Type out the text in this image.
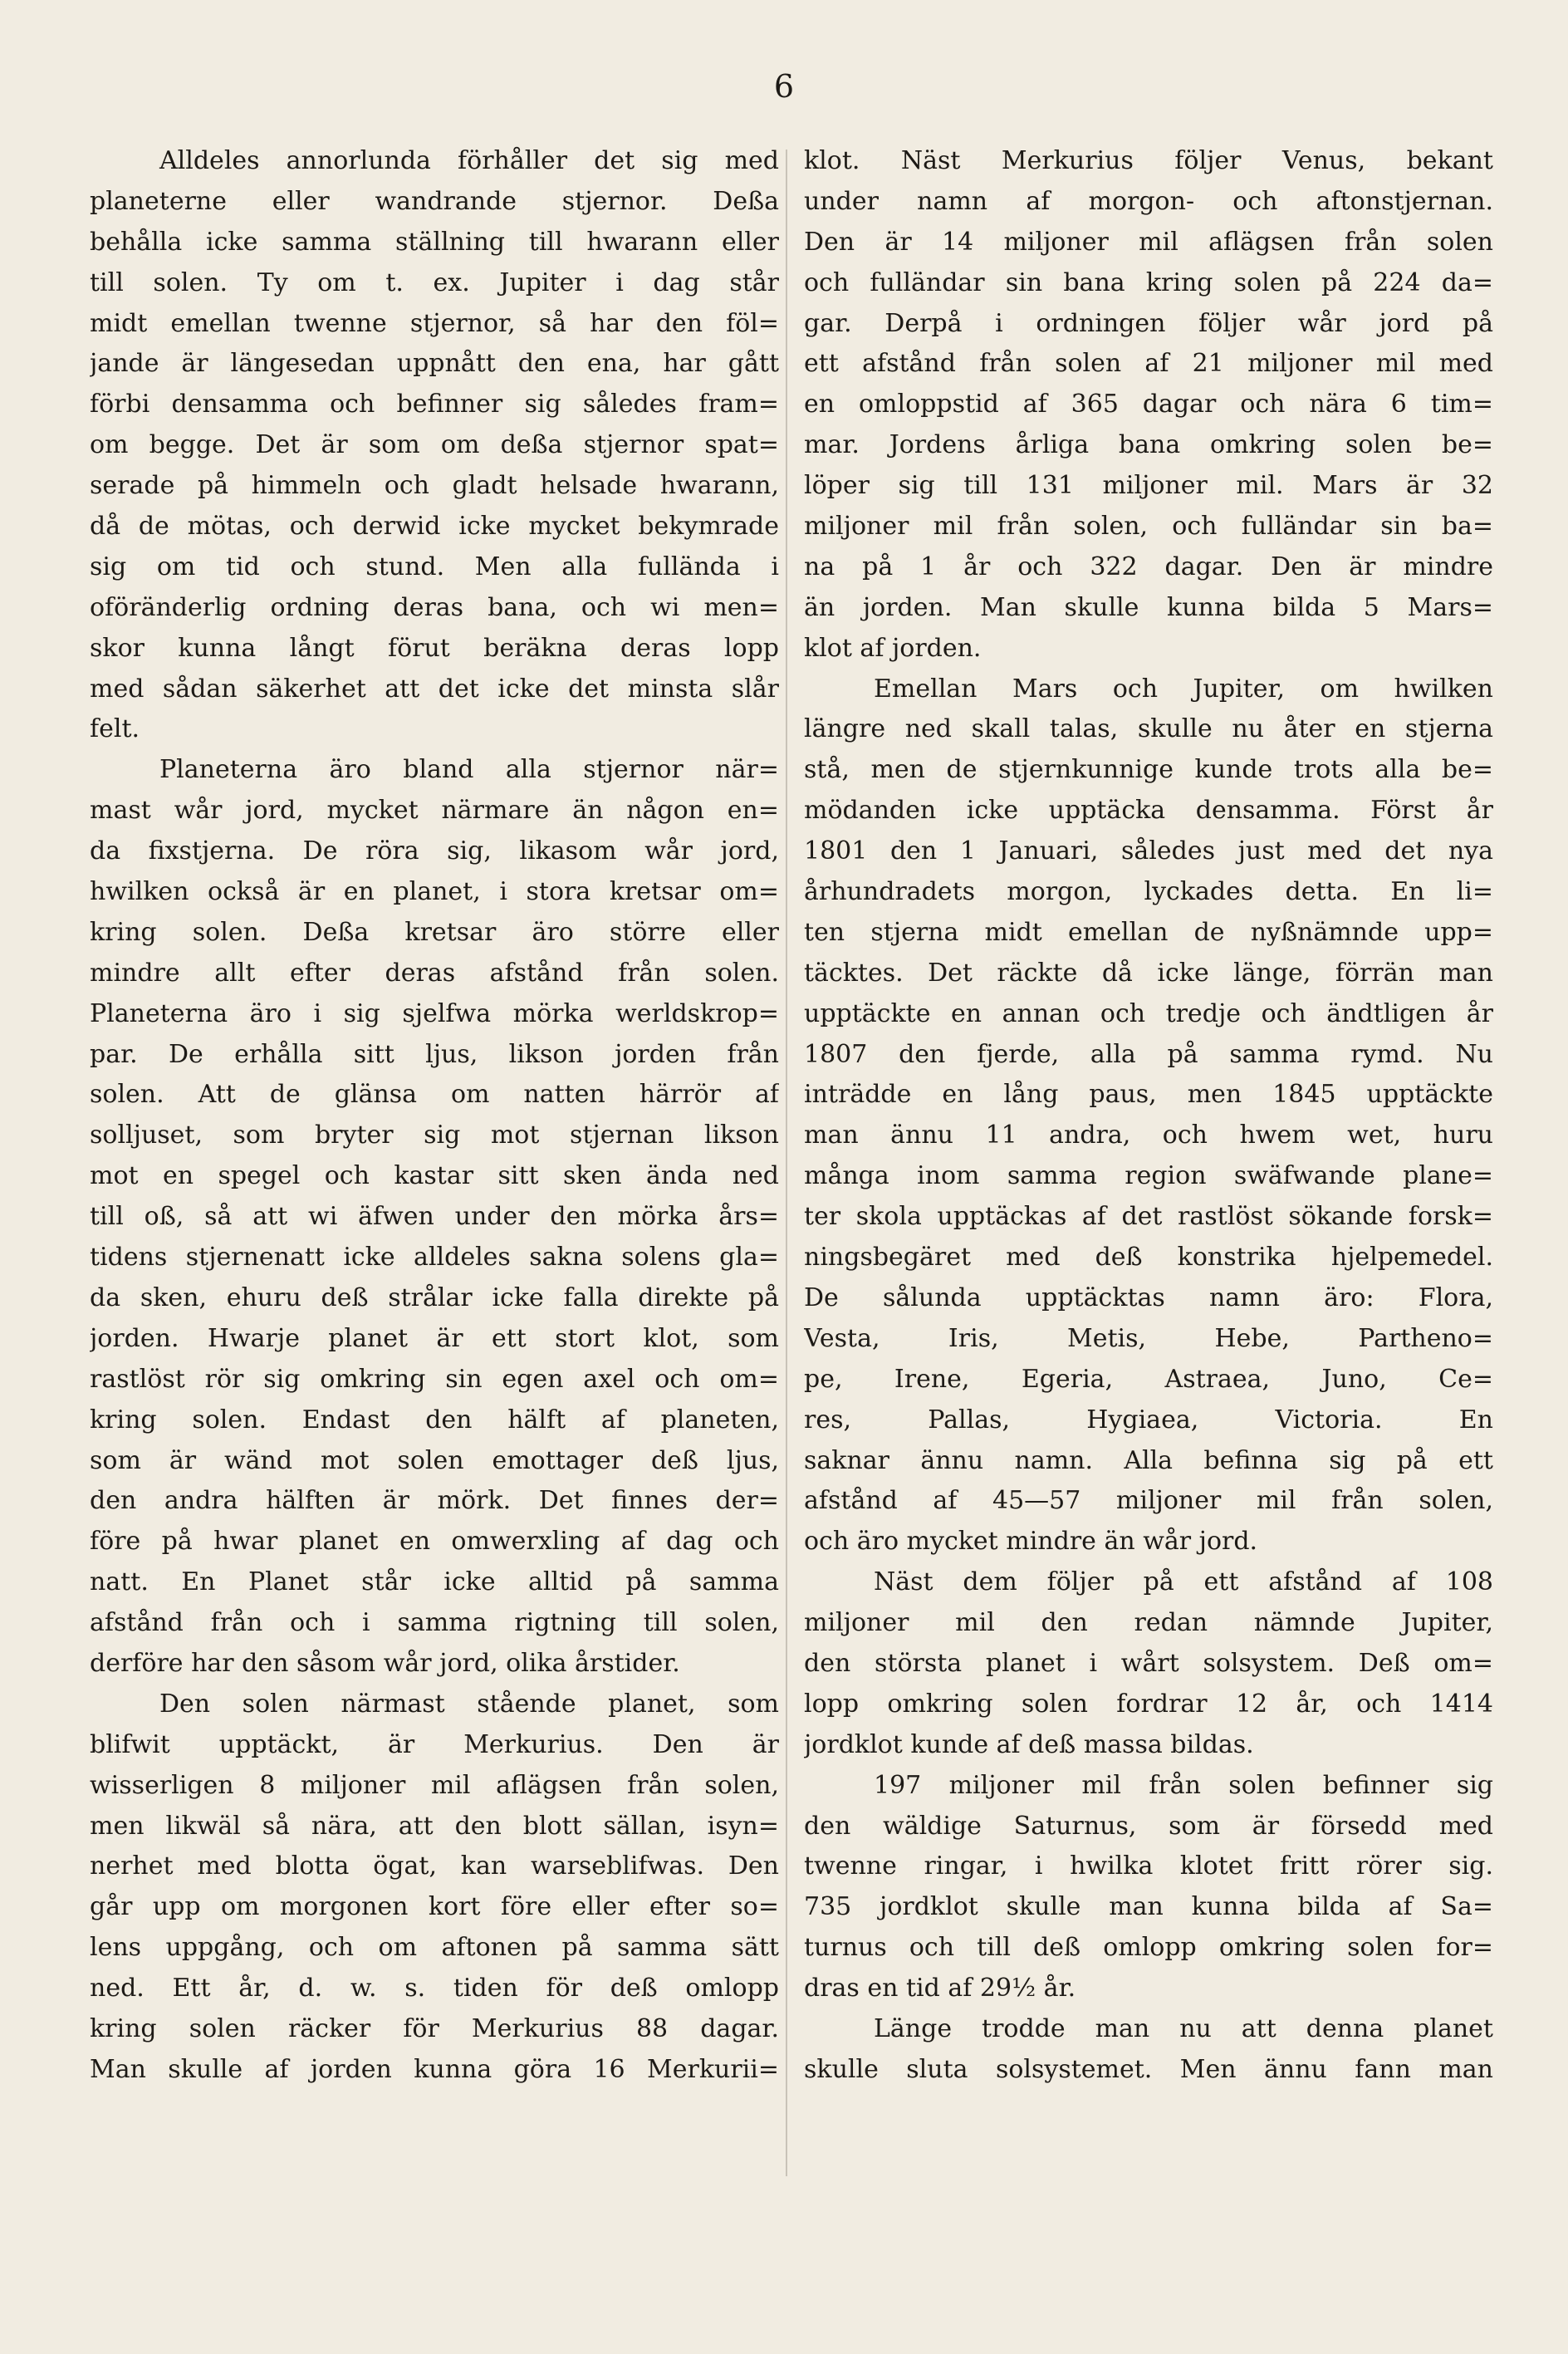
6
Alldeles annorlunda förhåller det sig med
planeterne eller wandrande stjernor. Deßa
behålla icke samma ställning till hwarann eller
till solen. Ty om t. ex. Jupiter i dag står
midt emellan twenne stjernor, så har den föl=
jande är längesedan uppnått den ena, har gått
förbi densamma och befinner sig således fram=
om begge. Det är som om deßa stjernor spat=
serade på himmeln och gladt helsade hwarann,
då de mötas, och derwid icke mycket bekymrade
sig om tid och stund. Men alla fullända i
oföränderlig ordning deras bana, och wi men=
skor kunna långt förut beräkna deras lopp
med sådan säkerhet att det icke det minsta slår
felt.
Planeterna äro bland alla stjernor när=
mast wår jord, mycket närmare än någon en=
da fixstjerna. De röra sig, likasom wår jord,
hwilken också är en planet, i stora kretsar om=
kring solen. Deßa kretsar äro större eller
mindre allt efter deras afstånd från solen.
Planeterna äro i sig sjelfwa mörka werldskrop=
par. De erhålla sitt ljus, likson jorden från
solen. Att de glänsa om natten härrör af
solljuset, som bryter sig mot stjernan likson
mot en spegel och kastar sitt sken ända ned
till oß, så att wi äfwen under den mörka års=
tidens stjernenatt icke alldeles sakna solens gla=
da sken, ehuru deß strålar icke falla direkte på
jorden. Hwarje planet är ett stort klot, som
rastlöst rör sig omkring sin egen axel och om=
kring solen. Endast den hälft af planeten,
som är wänd mot solen emottager deß ljus,
den andra hälften är mörk. Det finnes der=
före på hwar planet en omwerxling af dag och
natt. En Planet står icke alltid på samma
afstånd från och i samma rigtning till solen,
derföre har den såsom wår jord, olika årstider.
Den solen närmast stående planet, som
blifwit upptäckt, är Merkurius. Den är
wisserligen 8 miljoner mil aflägsen från solen,
men likwäl så nära, att den blott sällan, isyn=
nerhet med blotta ögat, kan warseblifwas. Den
går upp om morgonen kort före eller efter so=
lens uppgång, och om aftonen på samma sätt
ned. Ett år, d. w. s. tiden för deß omlopp
kring solen räcker för Merkurius 88 dagar.
Man skulle af jorden kunna göra 16 Merkurii=
klot. Näst Merkurius följer Venus, bekant
under namn af morgon- och aftonstjernan.
Den är 14 miljoner mil aflägsen från solen
och fulländar sin bana kring solen på 224 da=
gar. Derpå i ordningen följer wår jord på
ett afstånd från solen af 21 miljoner mil med
en omloppstid af 365 dagar och nära 6 tim=
mar. Jordens årliga bana omkring solen be=
löper sig till 131 miljoner mil. Mars är 32
miljoner mil från solen, och fulländar sin ba=
na på 1 år och 322 dagar. Den är mindre
än jorden. Man skulle kunna bilda 5 Mars=
klot af jorden.
Emellan Mars och Jupiter, om hwilken
längre ned skall talas, skulle nu åter en stjerna
stå, men de stjernkunnige kunde trots alla be=
mödanden icke upptäcka densamma. Först år
1801 den 1 Januari, således just med det nya
århundradets morgon, lyckades detta. En li=
ten stjerna midt emellan de nyßnämnde upp=
täcktes. Det räckte då icke länge, förrän man
upptäckte en annan och tredje och ändtligen år
1807 den fjerde, alla på samma rymd. Nu
inträdde en lång paus, men 1845 upptäckte
man ännu 11 andra, och hwem wet, huru
många inom samma region swäfwande plane=
ter skola upptäckas af det rastlöst sökande forsk=
ningsbegäret med deß konstrika hjelpemedel.
De sålunda upptäcktas namn äro: Flora,
Vesta, Iris, Metis, Hebe, Partheno=
pe, Irene, Egeria, Astraea, Juno, Ce=
res, Pallas, Hygiaea, Victoria. En
saknar ännu namn. Alla befinna sig på ett
afstånd af 45—57 miljoner mil från solen,
och äro mycket mindre än wår jord.
Näst dem följer på ett afstånd af 108
miljoner mil den redan nämnde Jupiter,
den största planet i wårt solsystem. Deß om=
lopp omkring solen fordrar 12 år, och 1414
jordklot kunde af deß massa bildas.
197 miljoner mil från solen befinner sig
den wäldige Saturnus, som är försedd med
twenne ringar, i hwilka klotet fritt rörer sig.
735 jordklot skulle man kunna bilda af Sa=
turnus och till deß omlopp omkring solen for=
dras en tid af 29½ år.
Länge trodde man nu att denna planet
skulle sluta solsystemet. Men ännu fann man
